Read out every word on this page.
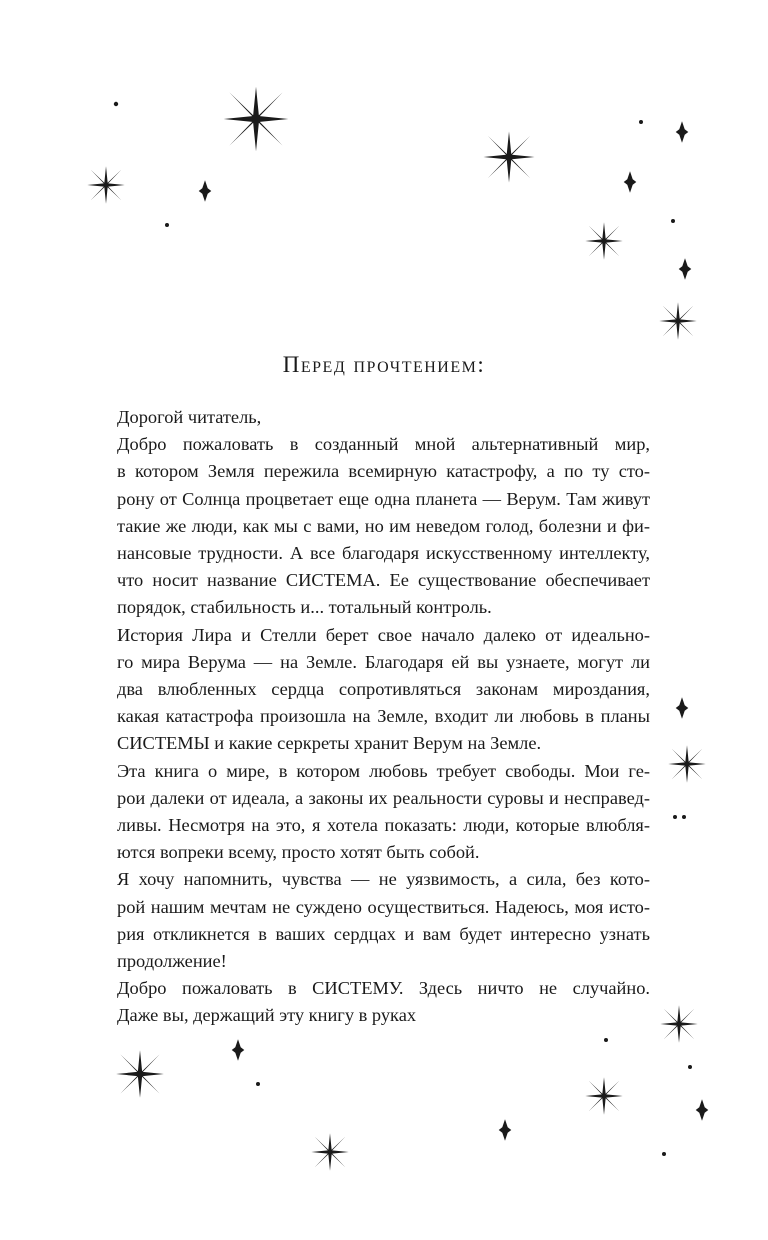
Перед прочтением:
Дорогой читатель,
Добро пожаловать в созданный мной альтернативный мир,
в котором Земля пережила всемирную катастрофу, а по ту сто-
рону от Солнца процветает еще одна планета — Верум. Там живут
такие же люди, как мы с вами, но им неведом голод, болезни и фи-
нансовые трудности. А все благодаря искусственному интеллекту,
что носит название СИСТЕМА. Ее существование обеспечивает
порядок, стабильность и... тотальный контроль.
История Лира и Стелли берет свое начало далеко от идеально-
го мира Верума — на Земле. Благодаря ей вы узнаете, могут ли
два влюбленных сердца сопротивляться законам мироздания,
какая катастрофа произошла на Земле, входит ли любовь в планы
СИСТЕМЫ и какие серкреты хранит Верум на Земле.
Эта книга о мире, в котором любовь требует свободы. Мои ге-
рои далеки от идеала, а законы их реальности суровы и несправед-
ливы. Несмотря на это, я хотела показать: люди, которые влюбля-
ются вопреки всему, просто хотят быть собой.
Я хочу напомнить, чувства — не уязвимость, а сила, без кото-
рой нашим мечтам не суждено осуществиться. Надеюсь, моя исто-
рия откликнется в ваших сердцах и вам будет интересно узнать
продолжение!
Добро пожаловать в СИСТЕМУ. Здесь ничто не случайно.
Даже вы, держащий эту книгу в руках
